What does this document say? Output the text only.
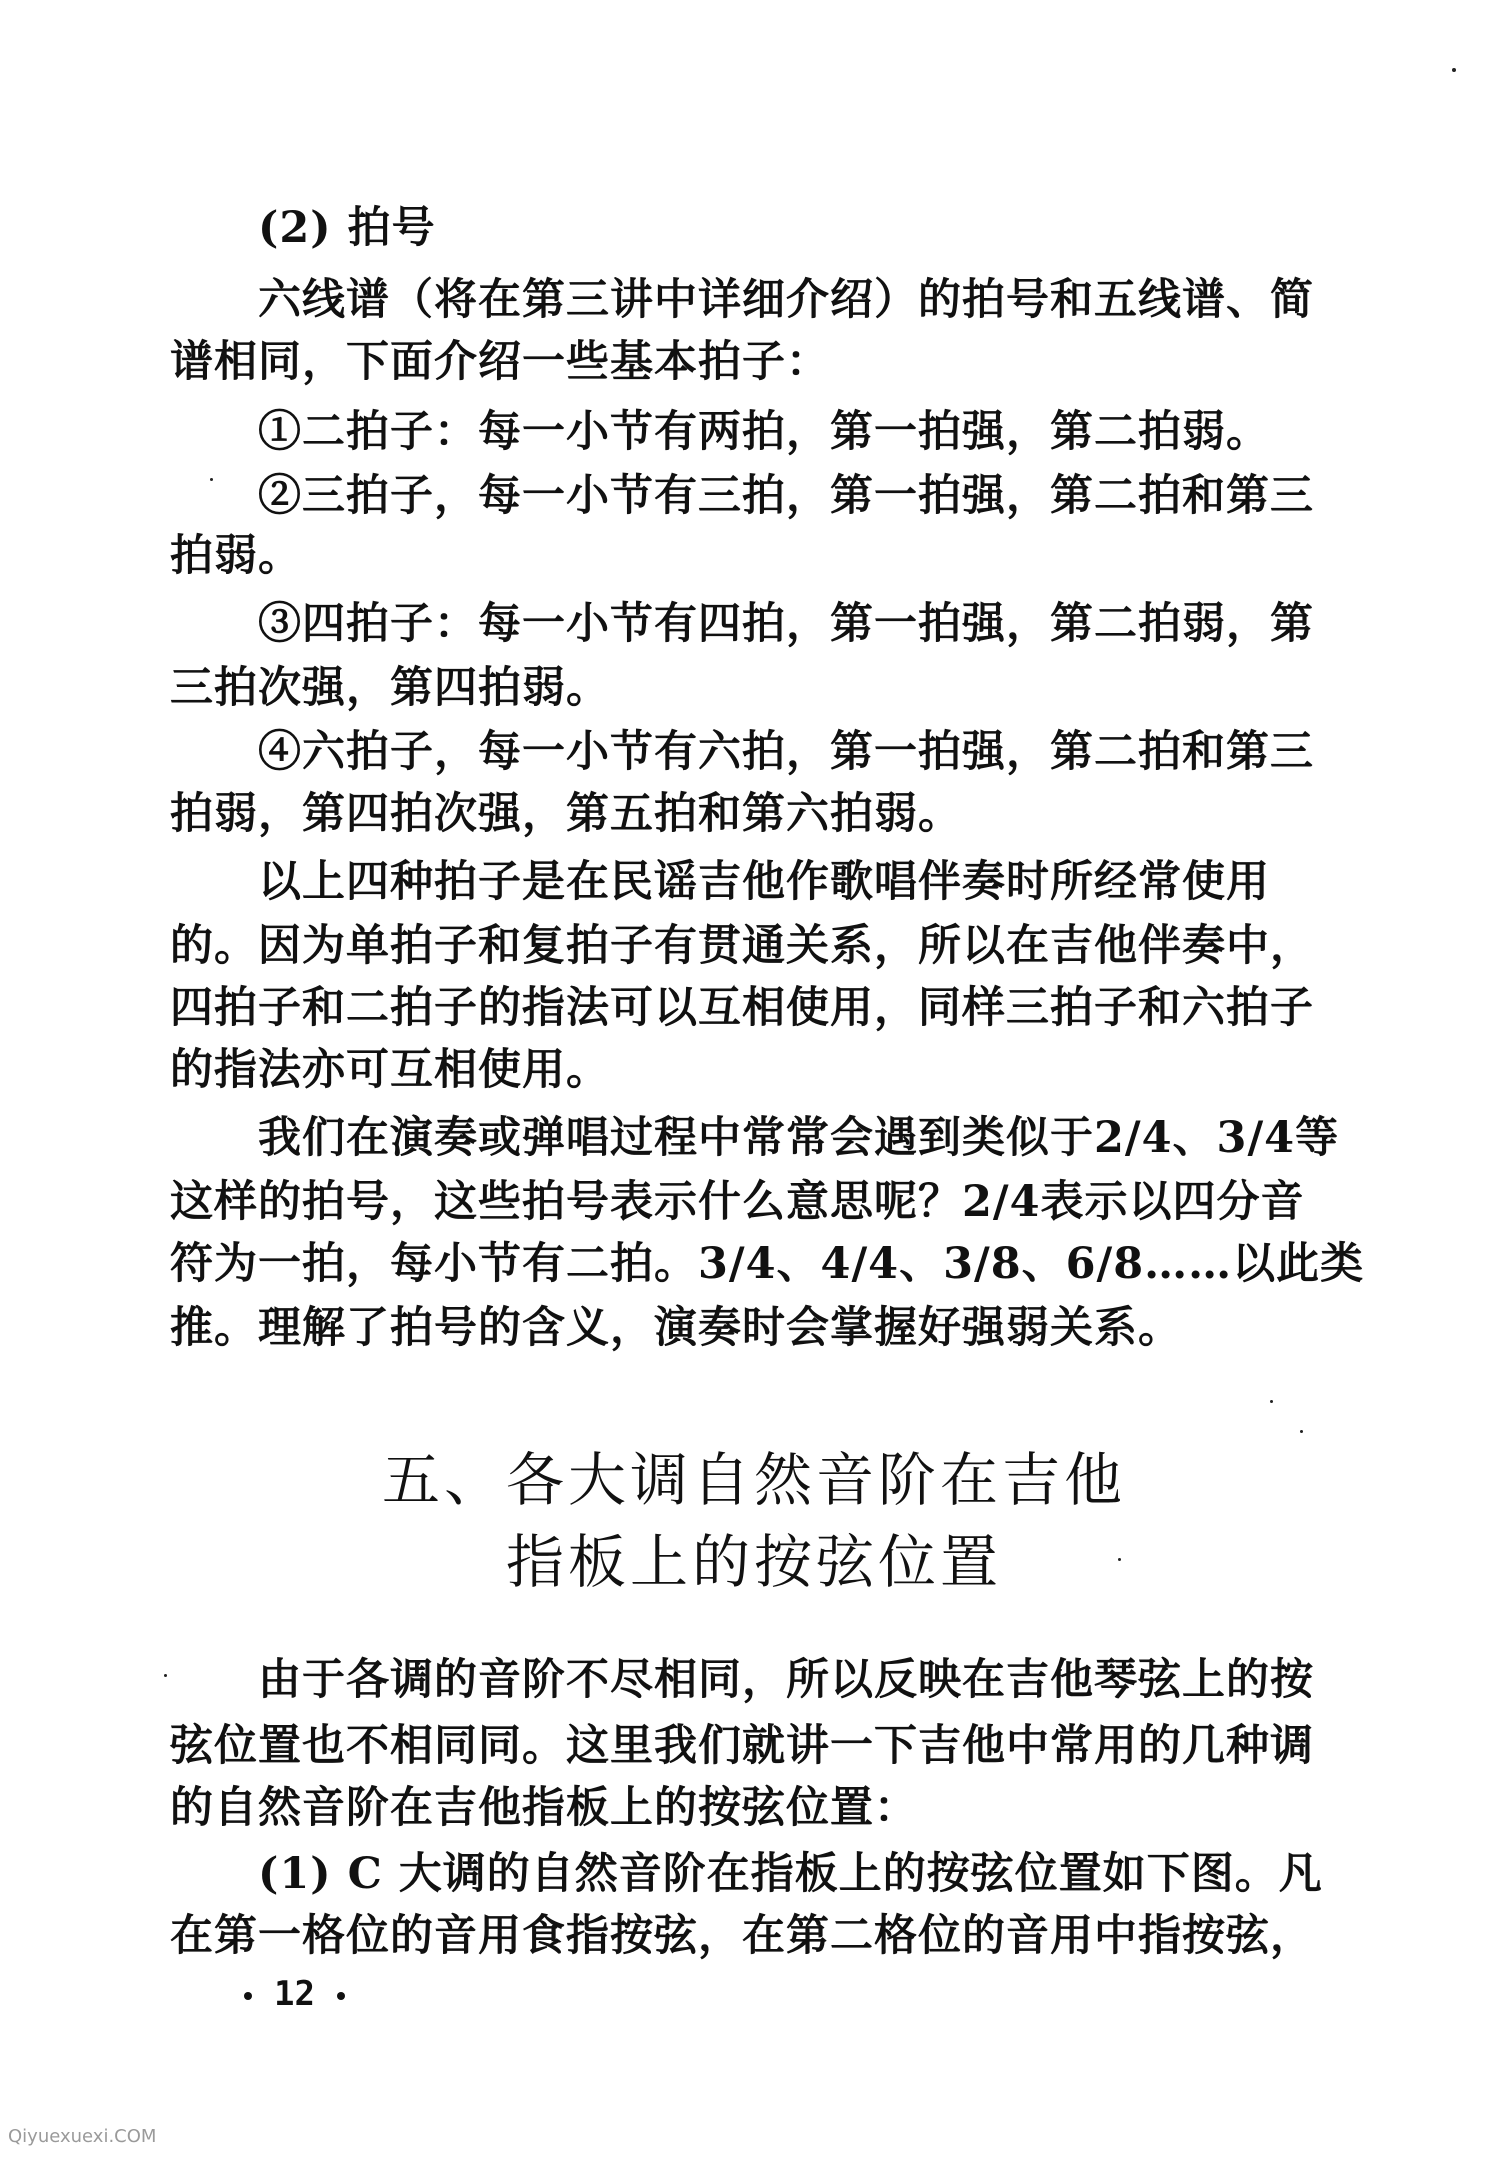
(2) 拍号
六线谱（将在第三讲中详细介绍）的拍号和五线谱、简
谱相同，下面介绍一些基本拍子：
①二拍子：每一小节有两拍，第一拍强，第二拍弱。
②三拍子，每一小节有三拍，第一拍强，第二拍和第三
拍弱。
③四拍子：每一小节有四拍，第一拍强，第二拍弱，第
三拍次强，第四拍弱。
④六拍子，每一小节有六拍，第一拍强，第二拍和第三
拍弱，第四拍次强，第五拍和第六拍弱。
以上四种拍子是在民谣吉他作歌唱伴奏时所经常使用
的。因为单拍子和复拍子有贯通关系，所以在吉他伴奏中，
四拍子和二拍子的指法可以互相使用，同样三拍子和六拍子
的指法亦可互相使用。
我们在演奏或弹唱过程中常常会遇到类似于2/4、3/4等
这样的拍号，这些拍号表示什么意思呢？2/4表示以四分音
符为一拍，每小节有二拍。3/4、4/4、3/8、6/8……以此类
推。理解了拍号的含义，演奏时会掌握好强弱关系。
五、各大调自然音阶在吉他
指板上的按弦位置
由于各调的音阶不尽相同，所以反映在吉他琴弦上的按
弦位置也不相同同。这里我们就讲一下吉他中常用的几种调
的自然音阶在吉他指板上的按弦位置：
(1) C 大调的自然音阶在指板上的按弦位置如下图。凡
在第一格位的音用食指按弦，在第二格位的音用中指按弦，
12
Qiyuexuexi.COM
